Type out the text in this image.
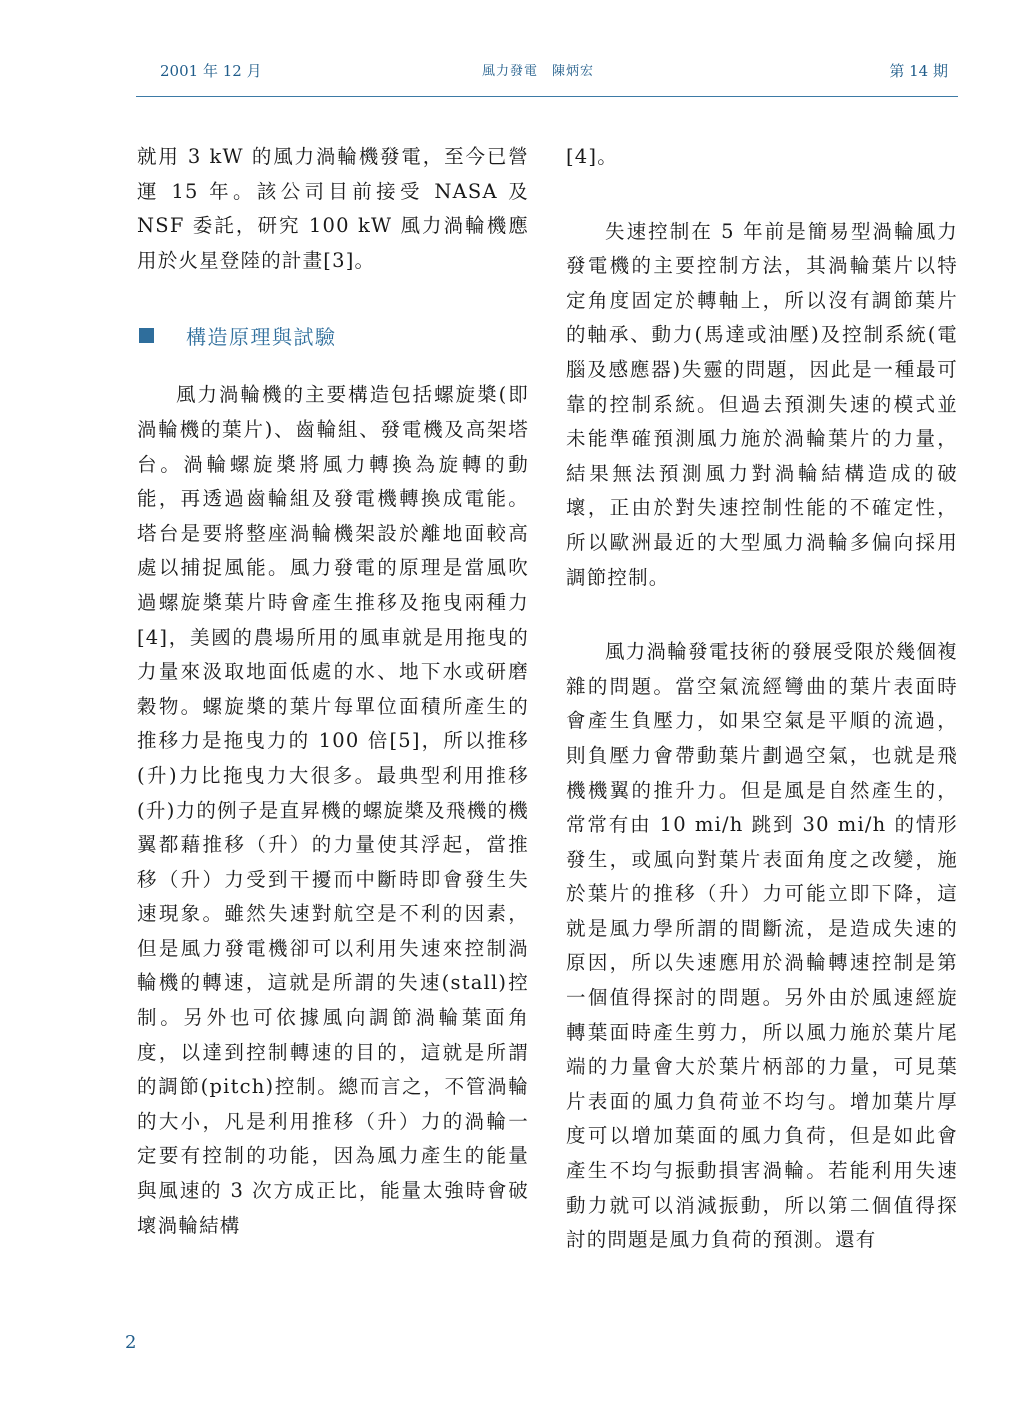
2001 年 12 月	風力發電　陳炳宏	第 14 期

就用 3 kW 的風力渦輪機發電，至今已營運 15 年。該公司目前接受 NASA 及 NSF 委託，研究 100 kW 風力渦輪機應用於火星登陸的計畫[3]。

構造原理與試驗

風力渦輪機的主要構造包括螺旋槳(即渦輪機的葉片)、齒輪組、發電機及高架塔台。渦輪螺旋槳將風力轉換為旋轉的動能，再透過齒輪組及發電機轉換成電能。塔台是要將整座渦輪機架設於離地面較高處以捕捉風能。風力發電的原理是當風吹過螺旋槳葉片時會產生推移及拖曳兩種力[4]，美國的農場所用的風車就是用拖曳的力量來汲取地面低處的水、地下水或研磨穀物。螺旋槳的葉片每單位面積所產生的推移力是拖曳力的 100 倍[5]，所以推移(升)力比拖曳力大很多。最典型利用推移(升)力的例子是直昇機的螺旋槳及飛機的機翼都藉推移（升）的力量使其浮起，當推移（升）力受到干擾而中斷時即會發生失速現象。雖然失速對航空是不利的因素，但是風力發電機卻可以利用失速來控制渦輪機的轉速，這就是所謂的失速(stall)控制。另外也可依據風向調節渦輪葉面角度，以達到控制轉速的目的，這就是所謂的調節(pitch)控制。總而言之，不管渦輪的大小，凡是利用推移（升）力的渦輪一定要有控制的功能，因為風力產生的能量與風速的 3 次方成正比，能量太強時會破壞渦輪結構

[4]。

失速控制在 5 年前是簡易型渦輪風力發電機的主要控制方法，其渦輪葉片以特定角度固定於轉軸上，所以沒有調節葉片的軸承、動力(馬達或油壓)及控制系統(電腦及感應器)失靈的問題，因此是一種最可靠的控制系統。但過去預測失速的模式並未能準確預測風力施於渦輪葉片的力量，結果無法預測風力對渦輪結構造成的破壞，正由於對失速控制性能的不確定性，所以歐洲最近的大型風力渦輪多偏向採用調節控制。

風力渦輪發電技術的發展受限於幾個複雜的問題。當空氣流經彎曲的葉片表面時會產生負壓力，如果空氣是平順的流過，則負壓力會帶動葉片劃過空氣，也就是飛機機翼的推升力。但是風是自然產生的，常常有由 10 mi/h 跳到 30 mi/h 的情形發生，或風向對葉片表面角度之改變，施於葉片的推移（升）力可能立即下降，這就是風力學所謂的間斷流，是造成失速的原因，所以失速應用於渦輪轉速控制是第一個值得探討的問題。另外由於風速經旋轉葉面時產生剪力，所以風力施於葉片尾端的力量會大於葉片柄部的力量，可見葉片表面的風力負荷並不均勻。增加葉片厚度可以增加葉面的風力負荷，但是如此會產生不均勻振動損害渦輪。若能利用失速動力就可以消減振動，所以第二個值得探討的問題是風力負荷的預測。還有

2
